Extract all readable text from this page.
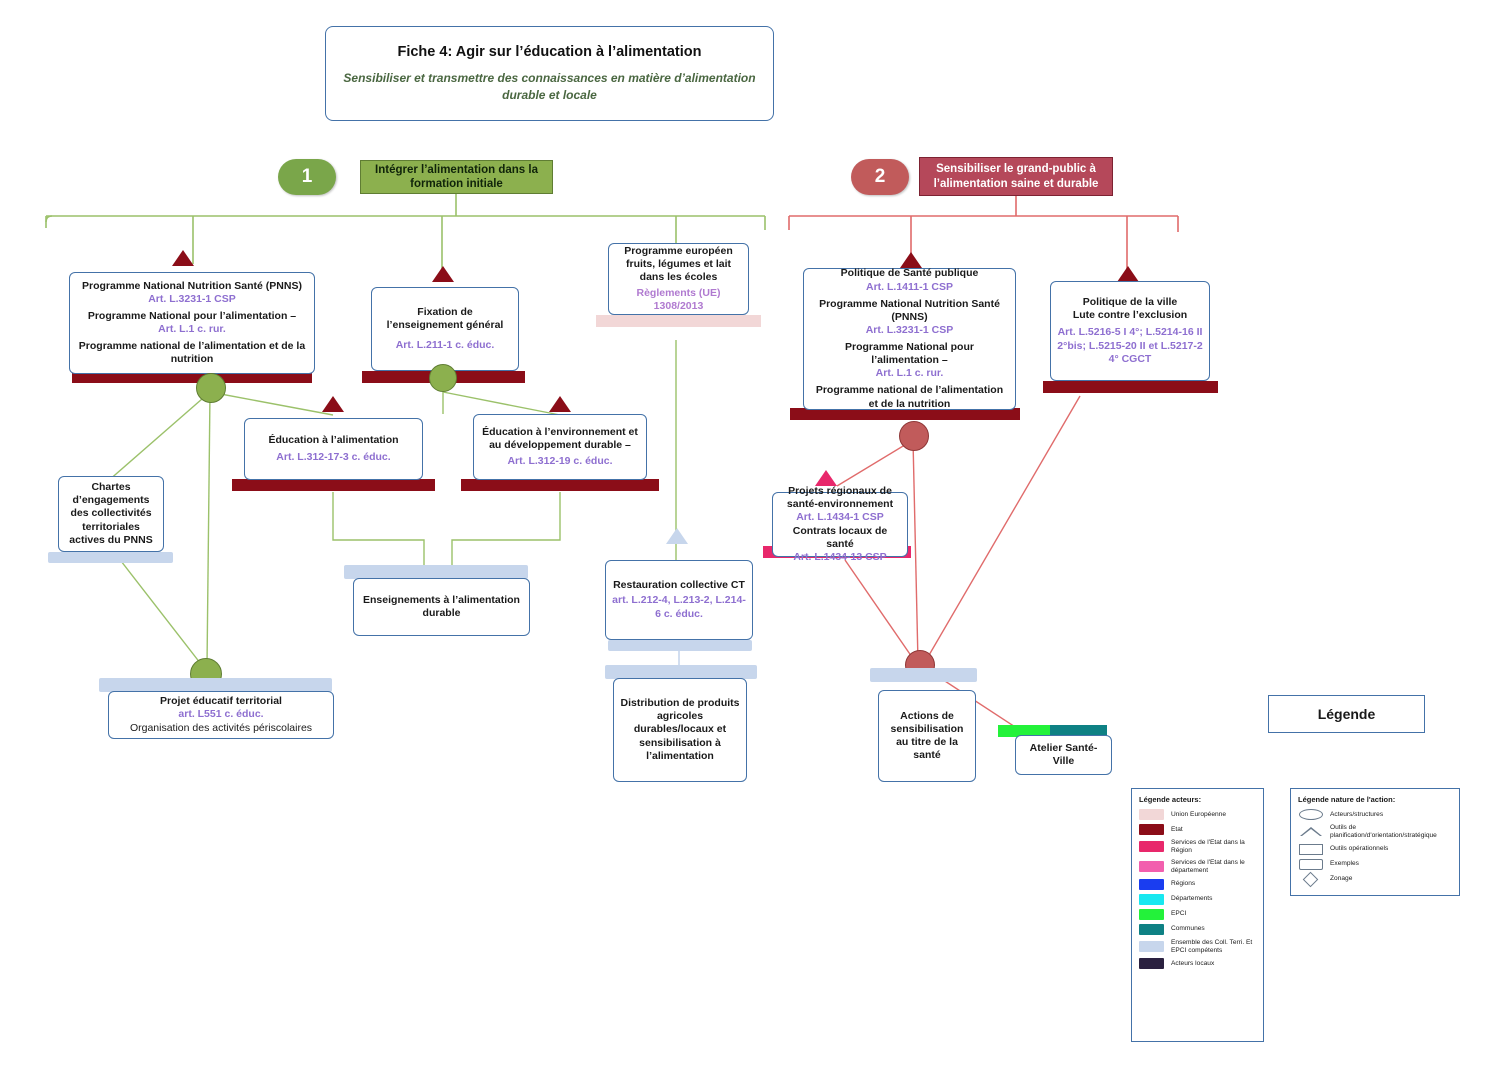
Fiche 4: Agir sur l’éducation à l’alimentation
Sensibiliser et transmettre des connaissances en matière d’alimentation durable et locale
1	Intégrer l’alimentation dans la formation initiale	2	Sensibiliser le grand-public à l’alimentation saine et durable
Programme National Nutrition Santé (PNNS)
Art. L.3231-1 CSP
Programme National pour l’alimentation –
Art. L.1 c. rur.
Programme national de l’alimentation et de la nutrition
Fixation de l’enseignement général
Art. L.211-1 c. éduc.
Programme européen fruits, légumes et lait dans les écoles
Règlements (UE) 1308/2013
Éducation à l’alimentation
Art. L.312-17-3 c. éduc.
Éducation à l’environnement et au développement durable –
Art. L.312-19 c. éduc.
Chartes d’engagements des collectivités territoriales actives du PNNS
Enseignements à l’alimentation durable
Restauration collective CT
art. L.212-4, L.213-2, L.214-6 c. éduc.
Projet éducatif territorial
art. L551 c. éduc.
Organisation des activités périscolaires
Distribution de produits agricoles durables/locaux et sensibilisation à l’alimentation
Politique de Santé publique
Art. L.1411-1 CSP
Programme National Nutrition Santé (PNNS)
Art. L.3231-1 CSP
Programme National pour l’alimentation –
Art. L.1 c. rur.
Programme national de l’alimentation et de la nutrition
Politique de la ville
Lute contre l’exclusion
Art. L.5216-5 I 4°; L.5214-16 II 2°bis; L.5215-20 II et L.5217-2 4° CGCT
Projets régionaux de santé-environnement
Art. L.1434-1 CSP
Contrats locaux de santé
Art. L.1434-13 CSP
Actions de sensibilisation au titre de la santé
Atelier Santé-Ville
Légende
Légende acteurs:
Union Européenne
Etat
Services de l'Etat dans la Région
Services de l'Etat dans le département
Régions
Départements
EPCI
Communes
Ensemble des Coll. Terri. Et EPCI compétents
Acteurs locaux
Légende nature de l'action:
Acteurs/structures
Outils de planification/d'orientation/stratégique
Outils opérationnels
Exemples
Zonage
